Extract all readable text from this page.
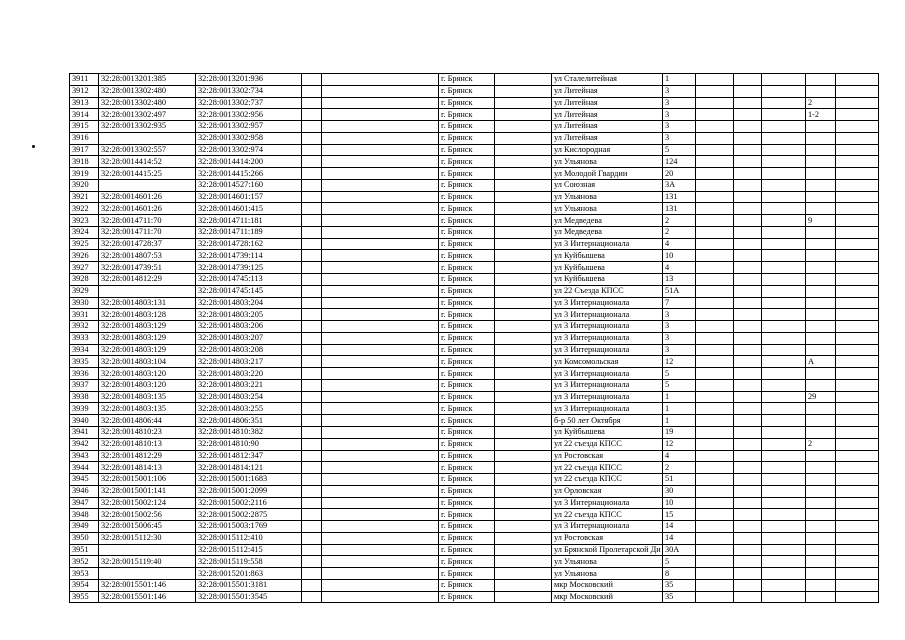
3911	32:28:0013201:385	32:28:0013201:936			г. Брянск		ул Сталелитейная	1					
3912	32:28:0013302:480	32:28:0013302:734			г. Брянск		ул Литейная	3					
3913	32:28:0013302:480	32:28:0013302:737			г. Брянск		ул Литейная	3				2	
3914	32:28:0013302:497	32:28:0013302:956			г. Брянск		ул Литейная	3				1-2	
3915	32:28:0013302:935	32:28:0013302:957			г. Брянск		ул Литейная	3					
3916		32:28:0013302:958			г. Брянск		ул Литейная	3					
3917	32:28:0013302:557	32:28:0013302:974			г. Брянск		ул Кислородная	5					
3918	32:28:0014414:52	32:28:0014414:200			г. Брянск		ул Ульянова	124					
3919	32:28:0014415:25	32:28:0014415:266			г. Брянск		ул Молодой Гвардии	20					
3920		32:28:0014527:160			г. Брянск		ул Союзная	3А					
3921	32:28:0014601:26	32:28:0014601:157			г. Брянск		ул Ульянова	131					
3922	32:28:0014601:26	32:28:0014601:415			г. Брянск		ул Ульянова	131					
3923	32:28:0014711:70	32:28:0014711:181			г. Брянск		ул Медведева	2				9	
3924	32:28:0014711:70	32:28:0014711:189			г. Брянск		ул Медведева	2					
3925	32:28:0014728:37	32:28:0014728:162			г. Брянск		ул 3 Интернационала	4					
3926	32:28:0014807:53	32:28:0014739:114			г. Брянск		ул Куйбышева	10					
3927	32:28:0014739:51	32:28:0014739:125			г. Брянск		ул Куйбышева	4					
3928	32:28:0014812:29	32:28:0014745:113			г. Брянск		ул Куйбышева	13					
3929		32:28:0014745:145			г. Брянск		ул 22 Съезда КПСС	51А					
3930	32:28:0014803:131	32:28:0014803:204			г. Брянск		ул 3 Интернационала	7					
3931	32:28:0014803:128	32:28:0014803:205			г. Брянск		ул 3 Интернационала	3					
3932	32:28:0014803:129	32:28:0014803:206			г. Брянск		ул 3 Интернационала	3					
3933	32:28:0014803:129	32:28:0014803:207			г. Брянск		ул 3 Интернационала	3					
3934	32:28:0014803:129	32:28:0014803:208			г. Брянск		ул 3 Интернационала	3					
3935	32:28:0014803:104	32:28:0014803:217			г. Брянск		ул Комсомольская	12				А	
3936	32:28:0014803:120	32:28:0014803:220			г. Брянск		ул 3 Интернационала	5					
3937	32:28:0014803:120	32:28:0014803:221			г. Брянск		ул 3 Интернационала	5					
3938	32:28:0014803:135	32:28:0014803:254			г. Брянск		ул 3 Интернационала	1				29	
3939	32:28:0014803:135	32:28:0014803:255			г. Брянск		ул 3 Интернационала	1					
3940	32:28:0014806:44	32:28:0014806:351			г. Брянск		б-р 50 лет Октября	1					
3941	32:28:0014810:23	32:28:0014810:382			г. Брянск		ул Куйбышева	19					
3942	32:28:0014810:13	32:28:0014810:90			г. Брянск		ул 22 съезда КПСС	12				2	
3943	32:28:0014812:29	32:28:0014812:347			г. Брянск		ул Ростовская	4					
3944	32:28:0014814:13	32:28:0014814:121			г. Брянск		ул 22 съезда КПСС	2					
3945	32:28:0015001:106	32:28:0015001:1683			г. Брянск		ул 22 съезда КПСС	51					
3946	32:28:0015001:141	32:28:0015001:2099			г. Брянск		ул Орловская	30					
3947	32:28:0015002:124	32:28:0015002:2116			г. Брянск		ул 3 Интернационала	10					
3948	32:28:0015002:56	32:28:0015002:2875			г. Брянск		ул 22 съезда КПСС	15					
3949	32:28:0015006:45	32:28:0015003:1769			г. Брянск		ул 3 Интернационала	14					
3950	32:28:0015112:30	32:28:0015112:410			г. Брянск		ул Ростовская	14					
3951		32:28:0015112:415			г. Брянск		ул Брянской Пролетарской Ди	30А					
3952	32:28:0015119:40	32:28:0015119:558			г. Брянск		ул Ульянова	5					
3953		32:28:0015201:863			г. Брянск		ул Ульянова	8					
3954	32:28:0015501:146	32:28:0015501:3181			г. Брянск		мкр Московский	35					
3955	32:28:0015501:146	32:28:0015501:3545			г. Брянск		мкр Московский	35					
